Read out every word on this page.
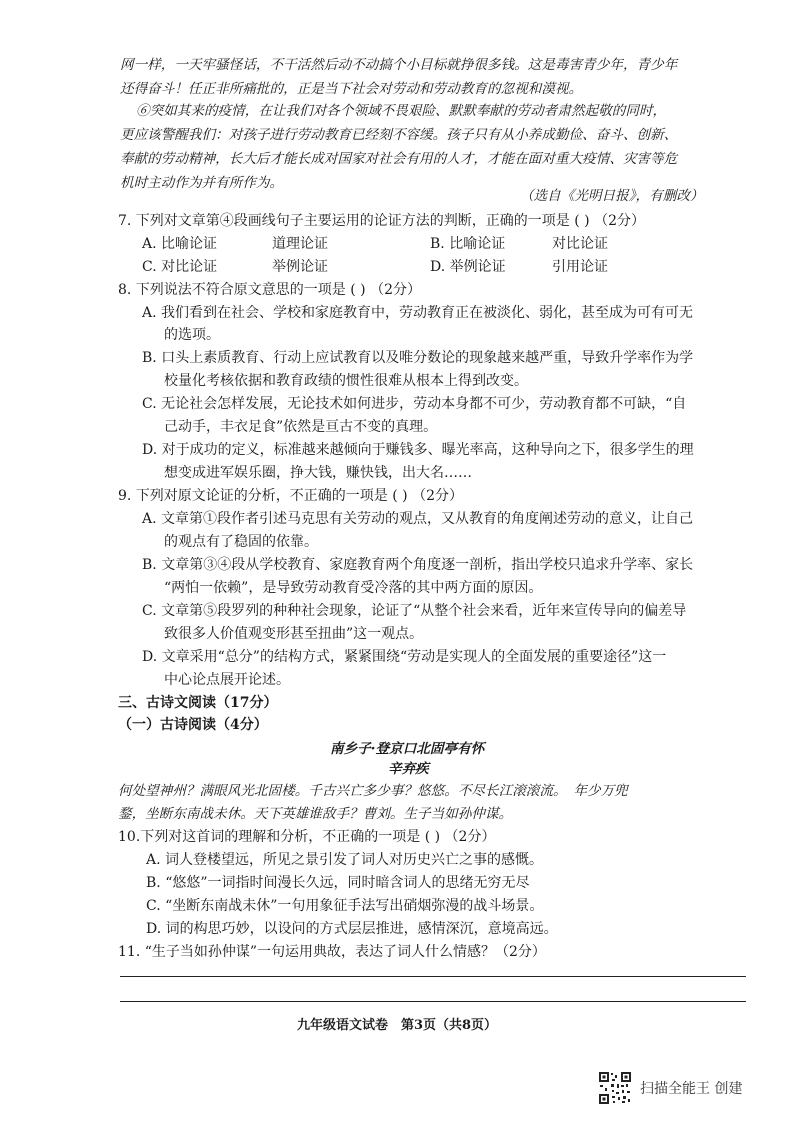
网一样，一天牢骚怪话，不干活然后动不动搞个小目标就挣很多钱。这是毒害青少年，青少年
还得奋斗！任正非所痛批的，正是当下社会对劳动和劳动教育的忽视和漠视。
⑥突如其来的疫情，在让我们对各个领域不畏艰险、默默奉献的劳动者肃然起敬的同时，
更应该警醒我们：对孩子进行劳动教育已经刻不容缓。孩子只有从小养成勤俭、奋斗、创新、
奉献的劳动精神，长大后才能长成对国家对社会有用的人才，才能在面对重大疫情、灾害等危
机时主动作为并有所作为。
（选自《光明日报》，有删改）
7. 下列对文章第④段画线句子主要运用的论证方法的判断，正确的一项是 ( ) （2分）
A. 比喻论证	道理论证	B. 比喻论证	对比论证
C. 对比论证	举例论证	D. 举例论证	引用论证
8. 下列说法不符合原文意思的一项是 ( ) （2分）
A. 我们看到在社会、学校和家庭教育中，劳动教育正在被淡化、弱化，甚至成为可有可无
的选项。
B. 口头上素质教育、行动上应试教育以及唯分数论的现象越来越严重，导致升学率作为学
校量化考核依据和教育政绩的惯性很难从根本上得到改变。
C. 无论社会怎样发展，无论技术如何进步，劳动本身都不可少，劳动教育都不可缺，“自
己动手，丰衣足食”依然是亘古不变的真理。
D. 对于成功的定义，标准越来越倾向于赚钱多、曝光率高，这种导向之下，很多学生的理
想变成进军娱乐圈，挣大钱，赚快钱，出大名……
9. 下列对原文论证的分析，不正确的一项是 ( ) （2分）
A. 文章第①段作者引述马克思有关劳动的观点，又从教育的角度阐述劳动的意义，让自己
的观点有了稳固的依靠。
B. 文章第③④段从学校教育、家庭教育两个角度逐一剖析，指出学校只追求升学率、家长
“两怕一依赖”，是导致劳动教育受冷落的其中两方面的原因。
C. 文章第⑤段罗列的种种社会现象，论证了“从整个社会来看，近年来宣传导向的偏差导
致很多人价值观变形甚至扭曲”这一观点。
D. 文章采用“总分”的结构方式，紧紧围绕“劳动是实现人的全面发展的重要途径”这一
中心论点展开论述。
三、古诗文阅读（17分）
（一）古诗阅读（4分）
南乡子·登京口北固亭有怀
辛弃疾
何处望神州？满眼风光北固楼。千古兴亡多少事？悠悠。不尽长江滚滚流。　年少万兜
鍪，坐断东南战未休。天下英雄谁敌手？曹刘。生子当如孙仲谋。
10.下列对这首词的理解和分析，不正确的一项是 ( ) （2分）
A. 词人登楼望远，所见之景引发了词人对历史兴亡之事的感慨。
B. “悠悠”一词指时间漫长久远，同时暗含词人的思绪无穷无尽
C. “坐断东南战未休”一句用象征手法写出硝烟弥漫的战斗场景。
D. 词的构思巧妙，以设问的方式层层推进，感情深沉，意境高远。
11. “生子当如孙仲谋”一句运用典故，表达了词人什么情感？（2分）
九年级语文试卷　第3页（共8页）
扫描全能王 创建
